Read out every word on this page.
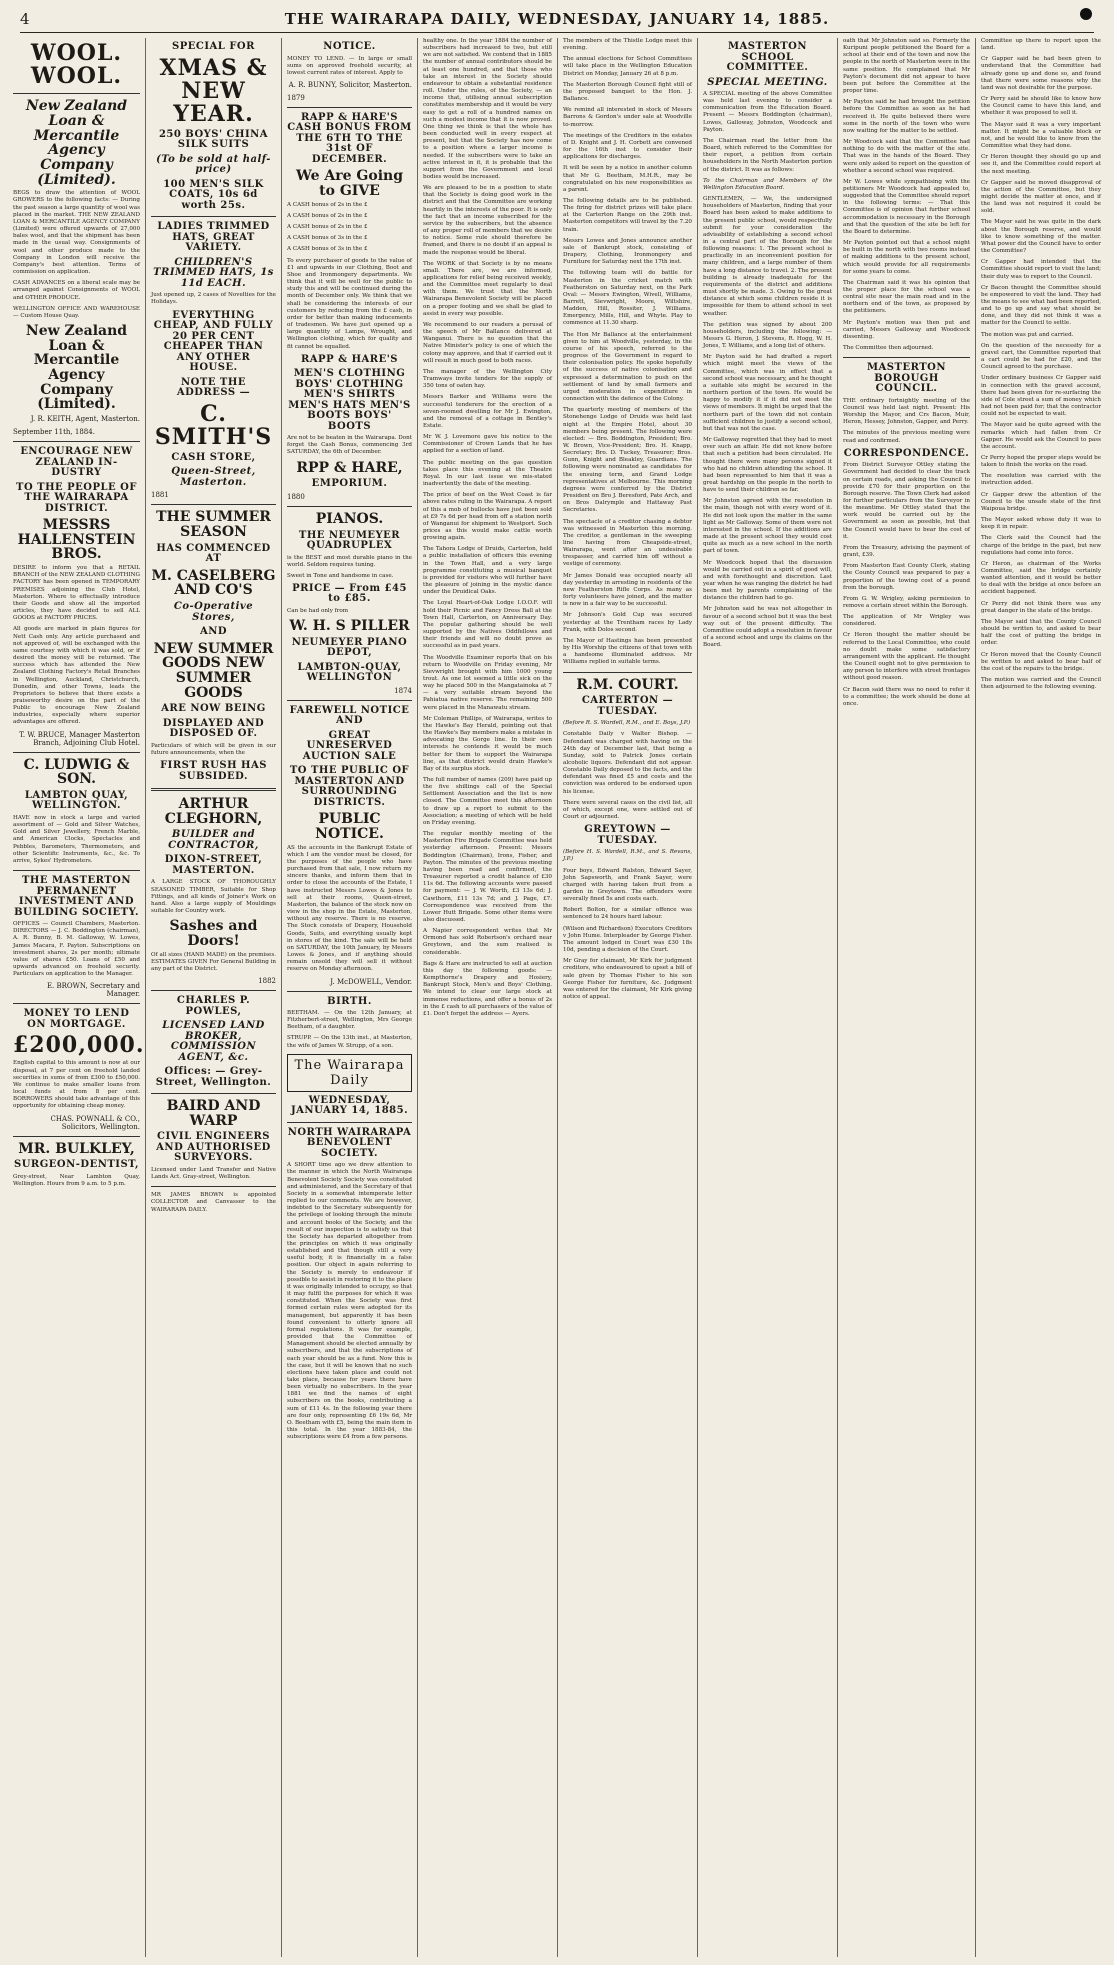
4	THE WAIRARAPA DAILY, WEDNESDAY, JANUARY 14, 1885.
WOOL. WOOL.
New Zealand Loan & Mercantile Agency Company (Limited).

BEGS to draw the attention of WOOL GROWERS to the following facts: — During the past season a large quantity of wool was placed in the market. THE NEW ZEALAND LOAN & MERCANTILE AGENCY COMPANY (Limited) were offered upwards of 27,000 bales wool, and that the shipment has been made in the usual way. Consignments of wool and other produce made to the Company in London will receive the Company's best attention. Terms of commission on application.

CASH ADVANCES on a liberal scale may be arranged against Consignments of WOOL and OTHER PRODUCE.

WELLINGTON OFFICE AND WAREHOUSE — Custom House Quay.

New Zealand Loan & Mercantile Agency Company (Limited).
J. R. KEITH, Agent, Masterton.
September 11th, 1884.
ENCOURAGE NEW ZEALAND IN-DUSTRY
TO THE PEOPLE OF THE WAIRARAPA DISTRICT.
MESSRS HALLENSTEIN BROS.

DESIRE to inform you that a RETAIL BRANCH of the NEW ZEALAND CLOTHING FACTORY has been opened in TEMPORARY PREMISES adjoining the Club Hotel, Masterton. Where to effectually introduce their Goods and show all the imported articles, they have decided to sell ALL GOODS at FACTORY PRICES.

All goods are marked in plain figures for Nett Cash only. Any article purchased and not approved of, will be exchanged with the same courtesy with which it was sold, or if desired the money will be returned. The success which has attended the New Zealand Clothing Factory's Retail Branches in Wellington, Auckland, Christchurch, Dunedin, and other Towns, leads the Proprietors to believe that there exists a praiseworthy desire on the part of the Public to encourage New Zealand industries, especially where superior advantages are offered.

T. W. BRUCE, Manager Masterton Branch, Adjoining Club Hotel.
C. LUDWIG & SON.
LAMBTON QUAY, WELLINGTON.

HAVE now in stock a large and varied assortment of — Gold and Silver Watches, Gold and Silver Jewellery, French Marble, and American Clocks, Spectacles and Pebbles, Barometers, Thermometers, and other Scientific Instruments, &c., &c. To arrive, Sykes' Hydrometers.

THE MASTERTON PERMANENT INVESTMENT AND BUILDING SOCIETY.

OFFICES — Council Chambers, Masterton. DIRECTORS — J. C. Boddington (chairman), A. R. Bunny, B. M. Galloway, W. Lowes, James Macara, F. Payton. Subscriptions on investment shares, 2s per month; ultimate value of shares £50. Loans of £50 and upwards advanced on freehold security. Particulars on application to the Manager.

E. BROWN, Secretary and Manager.
MONEY TO LEND ON MORTGAGE.
£200,000.

English capital to this amount is now at our disposal, at 7 per cent on freehold landed securities in sums of from £300 to £50,000. We continue to make smaller loans from local funds at from 8 per cent. BORROWERS should take advantage of this opportunity for obtaining cheap money.

CHAS. POWNALL & CO., Solicitors, Wellington.
MR. BULKLEY,
SURGEON-DENTIST,

Grey-street, Near Lambton Quay, Wellington. Hours from 9 a.m. to 5 p.m.

SPECIAL FOR
XMAS & NEW YEAR.
250 BOYS' CHINA SILK SUITS
(To be sold at half-price)
100 MEN'S SILK COATS, 10s 6d worth 25s.
LADIES TRIMMED HATS, GREAT VARIETY.
CHILDREN'S TRIMMED HATS, 1s 11d EACH.

Just opened up, 2 cases of Novelties for the Holidays.

EVERYTHING CHEAP, AND FULLY 20 PER CENT CHEAPER THAN ANY OTHER HOUSE.
NOTE THE ADDRESS —
C. SMITH'S
CASH STORE,
Queen-Street, Masterton.
1881
THE SUMMER SEASON
HAS COMMENCED AT
M. CASELBERG AND CO'S
Co-Operative Stores,
AND
NEW SUMMER GOODS NEW SUMMER GOODS
ARE NOW BEING
DISPLAYED AND DISPOSED OF.

Particulars of which will be given in our future announcements, when the

FIRST RUSH HAS SUBSIDED.
ARTHUR CLEGHORN,
BUILDER and CONTRACTOR,
DIXON-STREET, MASTERTON.

A LARGE STOCK OF THOROUGHLY SEASONED TIMBER, Suitable for Shop Fittings, and all kinds of Joiner's Work on hand. Also a large supply of Mouldings suitable for Country work.

Sashes and Doors!

Of all sizes (HAND MADE) on the premises. ESTIMATES GIVEN For General Building in any part of the District.

1882
CHARLES P. POWLES,
LICENSED LAND BROKER, COMMISSION AGENT, &c.
Offices: — Grey-Street, Wellington.
BAIRD AND WARP
CIVIL ENGINEERS AND AUTHORISED SURVEYORS.

Licensed under Land Transfer and Native Lands Act. Gray-street, Wellington.

MR JAMES BROWN is appointed COLLECTOR and Canvasser to the WAIRARAPA DAILY.

NOTICE.

MONEY TO LEND. — In large or small sums on approved freehold security, at lowest current rates of interest. Apply to

A. R. BUNNY, Solicitor, Masterton.
1879
RAPP & HARE'S CASH BONUS FROM THE 6TH TO THE 31st OF DECEMBER.
We Are Going to GIVE
A CASH bonus of 2s in the £
A CASH bonus of 2s in the £
A CASH bonus of 2s in the £
A CASH bonus of 3s in the £
A CASH bonus of 3s in the £

To every purchaser of goods to the value of £1 and upwards in our Clothing, Boot and Shoe and Ironmongery departments. We think that it will be well for the public to study this and will be continued during the month of December only. We think that we shall be considering the interests of our customers by reducing from the £ cash, in order for better than making inducements of tradesmen. We have just opened up a large quantity of Lamps, Wrought, and Wellington clothing, which for quality and fit cannot be equalled.

RAPP & HARE'S
MEN'S CLOTHING BOYS' CLOTHING MEN'S SHIRTS MEN'S HATS MEN'S BOOTS BOYS' BOOTS

Are not to be beaten in the Wairarapa. Dont forget the Cash Bonus, commencing 3rd SATURDAY, the 6th of December.

RPP & HARE,
EMPORIUM.
1880
PIANOS.
THE NEUMEYER QUADRUPLEX

is the BEST and most durable piano in the world. Seldom requires tuning.

Sweet in Tone and handsome in case.

PRICE — From £45 to £85.

Can be had only from

W. H. S PILLER
NEUMEYER PIANO DEPOT,
LAMBTON-QUAY, WELLINGTON
1874
FAREWELL NOTICE AND
GREAT UNRESERVED AUCTION SALE
TO THE PUBLIC OF MASTERTON AND SURROUNDING DISTRICTS.
PUBLIC NOTICE.

AS the accounts in the Bankrupt Estate of which I am the vendor must be closed, for the purposes of the people who have purchased from that sale, I now return my sincere thanks, and inform them that in order to close the accounts of the Estate, I have instructed Messrs Lowes & Jones to sell at their rooms, Queen-street, Masterton, the balance of the stock now on view in the shop in the Estate, Masterton, without any reserve. There is no reserve. The Stock consists of Drapery, Household Goods, Suits, and everything usually kept in stores of the kind. The sale will be held on SATURDAY, the 10th January, by Messrs Lowes & Jones, and if anything should remain unsold they will sell it without reserve on Monday afternoon.

J. McDOWELL, Vendor.
BIRTH.

BEETHAM. — On the 12th January, at Fitzherbert-street, Wellington, Mrs George Beetham, of a daughter.

STRUPP. — On the 13th inst., at Masterton, the wife of James W. Strupp, of a son.

The Wairarapa Daily
WEDNESDAY, JANUARY 14, 1885.
NORTH WAIRARAPA BENEVOLENT SOCIETY.

A SHORT time ago we drew attention to the manner in which the North Wairarapa Benevolent Society Society was constituted and administered, and the Secretary of that Society in a somewhat intemperate letter replied to our comments. We are however, indebted to the Secretary subsequently for the privilege of looking through the minute and account books of the Society, and the result of our inspection is to satisfy us that the Society has departed altogether from the principles on which it was originally established and that though still a very useful body, it is financially in a false position. Our object in again referring to the Society is merely to endeavour if possible to assist in restoring it to the place it was originally intended to occupy, so that it may fulfil the purposes for which it was constituted. When the Society was first formed certain rules were adopted for its management, but apparently it has been found convenient to utterly ignore all formal regulations. It was for example, provided that the Committee of Management should be elected annually by subscribers, and that the subscriptions of each year should be as a fund. Now this is the case, but it will be known that no such elections have taken place and could not take place, because for years there have been virtually no subscribers. In the year 1881 we find the names of eight subscribers on the books, contributing a sum of £11 4s. In the following year there are four only, representing £6 19s 6d, Mr O. Beetham with £5, being the main item in this total. In the year 1883-84, the subscriptions were £4 from a few persons.

healthy one. In the year 1884 the number of subscribers had increased to two, but still we are not satisfied. We contend that in 1885 the number of annual contributors should be at least one hundred, and that those who take an interest in the Society should endeavour to obtain a substantial residence roll. Under the rules, of the Society, — an income that, utilising annual subscription constitutes membership and it would be very easy to get a roll of a hundred names on such a modest income that it is now proved. One thing we think is that the whole has been conducted well in every respect at present, but that the Society has now come to a position where a larger income is needed. If the subscribers were to take an active interest in it, it is probable that the support from the Government and local bodies would be increased.

We are pleased to be in a position to state that the Society is doing good work in the district and that the Committee are working heartily in the interests of the poor. It is only the fact that an income subscribed for the service by the subscribers, but the absence of any proper roll of members that we desire to notice. Some rule should therefore be framed, and there is no doubt if an appeal is made the response would be liberal.

The WORK of that Society is by no means small. There are, we are informed, applications for relief being received weekly, and the Committee meet regularly to deal with them. We trust that the North Wairarapa Benevolent Society will be placed on a proper footing and we shall be glad to assist in every way possible.

We recommend to our readers a perusal of the speech of Mr Ballance delivered at Wanganui. There is no question that the Native Minister's policy is one of which the colony may approve, and that if carried out it will result in much good to both races.

The manager of the Wellington City Tramways invite tenders for the supply of 350 tons of oaten hay.

Messrs Barker and Williams were the successful tenderers for the erection of a seven-roomed dwelling for Mr J. Ewington, and the removal of a cottage in Bentley's Estate.

Mr W. J. Lovemore gave his notice to the Commissioner of Crown Lands that he has applied for a section of land.

The public meeting on the gas question takes place this evening at the Theatre Royal. In our last issue we mis-stated inadvertently the date of the meeting.

The price of beef on the West Coast is far above rates ruling in the Wairarapa. A report of this a mob of bullocks have just been sold at £9 7s 6d per head from off a station north of Wanganui for shipment to Westport. Such prices as this would make cattle worth growing again.

The Tahora Lodge of Druids, Carterton, held a public installation of officers this evening in the Town Hall, and a very large programme constituting a musical banquet is provided for visitors who will further have the pleasure of joining in the mystic dance under the Druidical Oaks.

The Loyal Heart-of-Oak Lodge I.O.O.F. will hold their Picnic and Fancy Dress Ball at the Town Hall, Carterton, on Anniversary Day. The popular gathering should be well supported by the Natives Oddfellows and their friends and will no doubt prove as successful as in past years.

The Woodville Examiner reports that on his return to Woodville on Friday evening, Mr Sievwright brought with him 1000 young trout. As one lot seemed a little sick on the way he placed 500 in the Mangatainoka at 7 — a very suitable stream beyond the Pahiatua native reserve. The remaining 500 were placed in the Manawatu stream.

Mr Coleman Phillips, of Wairarapa, writes to the Hawke's Bay Herald, pointing out that the Hawke's Bay members make a mistake in advocating the Gorge line. In their own interests he contends it would be much better for them to support the Wairarapa line, as that district would drain Hawke's Bay of its surplus stock.

The full number of names (209) have paid up the five shillings call of the Special Settlement Association and the list is now closed. The Committee meet this afternoon to draw up a report to submit to the Association; a meeting of which will be held on Friday evening.

The regular monthly meeting of the Masterton Fire Brigade Committee was held yesterday afternoon. Present: Messrs Boddington (Chairman), Irons, Fisher, and Payton. The minutes of the previous meeting having been read and confirmed, the Treasurer reported a credit balance of £30 11s 6d. The following accounts were passed for payment: — J. W. Worth, £3 13s 6d; J. Cawthorn, £11 13s 7d; and J. Page, £7. Correspondence was received from the Lower Hutt Brigade. Some other items were also discussed.

A Napier correspondent writes that Mr Ormond has sold Robertson's orchard near Greytown, and the sum realised is considerable.

Bags & Hare are instructed to sell at auction this day the following goods: — Kempthorne's Drapery and Hosiery, Bankrupt Stock, Men's and Boys' Clothing. We intend to clear our large stock at immense reductions, and offer a bonus of 2s in the £ cash to all purchasers of the value of £1. Don't forget the address — Ayers.

The members of the Thistle Lodge meet this evening.

The annual elections for School Committees will take place in the Wellington Education District on Monday, January 26 at 8 p.m.

The Masterton Borough Council fight still of the proposed banquet to the Hon. J. Ballance.

We remind all interested in stock of Messrs Barrons & Gordon's under sale at Woodville to-morrow.

The meetings of the Creditors in the estates of D. Knight and J. H. Corbett are convened for the 16th inst to consider their applications for discharges.

It will be seen by a notice in another column that Mr G. Beetham, M.H.R., may be congratulated on his new responsibilities as a parent.

The following details are to be published. The firing for district prizes will take place at the Carterton Range on the 29th inst. Masterton competitors will travel by the 7.20 train.

Messrs Lowes and Jones announce another sale of Bankrupt stock, consisting of Drapery, Clothing, Ironmongery and Furniture for Saturday next the 17th inst.

The following team will do battle for Masterton in the cricket match with Featherston on Saturday next, on the Park Oval: — Messrs Ewington, Wivell, Williams, Barrett, Sievwright, Moore, Wiltshire, Madden, Hill, Rossiter, J. Williams. Emergency, Mills, Hill, and Whyte. Play to commence at 11.30 sharp.

The Hon Mr Ballance at the entertainment given to him at Woodville, yesterday, in the course of his speech, referred to the progress of the Government in regard to their colonisation policy. He spoke hopefully of the success of native colonisation and expressed a determination to push on the settlement of land by small farmers and urged moderation in expenditure in connection with the defence of the Colony.

The quarterly meeting of members of the Stonehenge Lodge of Druids was held last night at the Empire Hotel, about 30 members being present. The following were elected: — Bro. Boddington, President; Bro. W. Brown, Vice-President; Bro. H. Knapp, Secretary; Bro. D. Tuckey, Treasurer; Bros. Gunn, Knight and Bleakley, Guardians. The following were nominated as candidates for the ensuing term, and Grand Lodge representatives at Melbourne. This morning degrees were conferred by the District President on Bro J. Beresford, Pate Arch, and on Bros Dalrymple and Hattaway Past Secretaries.

The spectacle of a creditor chasing a debtor was witnessed in Masterton this morning. The creditor, a gentleman in the sweeping line having from Cheapside-street, Wairarapa, went after an undesirable trespasser, and carried him off without a vestige of ceremony.

Mr James Donald was occupied nearly all day yesterday in arresting in residents of the new Featherston Rifle Corps. As many as forty volunteers have joined, and the matter is now in a fair way to be successful.

Mr Johnson's Gold Cup was secured yesterday at the Trentham races by Lady Frank, with Dolos second.

The Mayor of Hastings has been presented by His Worship the citizens of that town with a handsome illuminated address. Mr Williams replied in suitable terms.

R.M. COURT.
CARTERTON — TUESDAY.

(Before R. S. Wardell, R.M., and E. Boys, J.P.)

Constable Daily v Walter Bishop. — Defendant was charged with having on the 24th day of December last, that being a Sunday, sold to Patrick Jones certain alcoholic liquors. Defendant did not appear. Constable Daily deposed to the facts, and the defendant was fined £5 and costs and the conviction was ordered to be endorsed upon his license.

There were several cases on the civil list, all of which, except one, were settled out of Court or adjourned.

GREYTOWN — TUESDAY.

(Before H. S. Wardell, R.M., and S. Revans, J.P.)

Four boys, Edward Ralston, Edward Sayer, John Sapsworth, and Frank Sayer, were charged with having taken fruit from a garden in Greytown. The offenders were severally fined 5s and costs each.

Robert Bolton, for a similar offence was sentenced to 24 hours hard labour.

(Wilson and Richardson) Executors Creditors v John Hume. Interpleader by George Fisher. The amount lodged in Court was £30 18s 10d, pending a decision of the Court.

Mr Gray for claimant, Mr Kirk for judgment creditors, who endeavoured to upset a bill of sale given by Thomas Fisher to his son George Fisher for furniture, &c. Judgment was entered for the claimant, Mr Kirk giving notice of appeal.

MASTERTON SCHOOL COMMITTEE.
SPECIAL MEETING.

A SPECIAL meeting of the above Committee was held last evening to consider a communication from the Education Board. Present — Messrs Boddington (chairman), Lowes, Galloway, Johnston, Woodcock and Payton.

The Chairman read the letter from the Board, which referred to the Committee for their report, a petition from certain householders in the North Masterton portion of the district. It was as follows:

To the Chairman and Members of the Wellington Education Board.

GENTLEMEN, — We, the undersigned householders of Masterton, finding that your Board has been asked to make additions to the present public school, would respectfully submit for your consideration the advisability of establishing a second school in a central part of the Borough for the following reasons: 1. The present school is practically in an inconvenient position for many children, and a large number of them have a long distance to travel. 2. The present building is already inadequate for the requirements of the district and additions must shortly be made. 3. Owing to the great distance at which some children reside it is impossible for them to attend school in wet weather.

The petition was signed by about 200 householders, including the following: — Messrs G. Heron, J. Stevens, R. Hogg, W. H. Jones, T. Williams, and a long list of others.

Mr Payton said he had drafted a report which might meet the views of the Committee, which was in effect that a second school was necessary, and he thought a suitable site might be secured in the northern portion of the town. He would be happy to modify it if it did not meet the views of members. It might be urged that the northern part of the town did not contain sufficient children to justify a second school, but that was not the case.

Mr Galloway regretted that they had to meet over such an affair. He did not know before that such a petition had been circulated. He thought there were many persons signed it who had no children attending the school. It had been represented to him that it was a great hardship on the people in the north to have to send their children so far.

Mr Johnston agreed with the resolution in the main, though not with every word of it. He did not look upon the matter in the same light as Mr Galloway. Some of them were not interested in the school. If the additions are made at the present school they would cost quite as much as a new school in the north part of town.

Mr Woodcock hoped that the discussion would be carried out in a spirit of good will, and with forethought and discretion. Last year when he was ranging the district he had been met by parents complaining of the distance the children had to go.

Mr Johnston said he was not altogether in favour of a second school but it was the best way out of the present difficulty. The Committee could adopt a resolution in favour of a second school and urge its claims on the Board.

oath that Mr Johnston said so. Formerly the Kuripuni people petitioned the Board for a school at their end of the town and now the people in the north of Masterton were in the same position. He complained that Mr Payton's document did not appear to have been put before the Committee at the proper time.

Mr Payton said he had brought the petition before the Committee as soon as he had received it. He quite believed there were some in the north of the town who were now waiting for the matter to be settled.

Mr Woodcock said that the Committee had nothing to do with the matter of the site. That was in the hands of the Board. They were only asked to report on the question of whether a second school was required.

Mr W. Lowes while sympathising with the petitioners Mr Woodcock had appealed to, suggested that the Committee should report in the following terms: — That this Committee is of opinion that further school accommodation is necessary in the Borough and that the question of the site be left for the Board to determine.

Mr Payton pointed out that a school might be built in the north with two rooms instead of making additions to the present school, which would provide for all requirements for some years to come.

The Chairman said it was his opinion that the proper place for the school was a central site near the main road and in the northern end of the town, as proposed by the petitioners.

Mr Payton's motion was then put and carried, Messrs Galloway and Woodcock dissenting.

The Committee then adjourned.

MASTERTON BOROUGH COUNCIL.

THE ordinary fortnightly meeting of the Council was held last night. Present: His Worship the Mayor, and Crs Bacon, Muir, Heron, Hessey, Johnston, Gapper, and Perry.

The minutes of the previous meeting were read and confirmed.

CORRESPONDENCE.

From District Surveyor Ottley stating the Government had decided to clear the track on certain roads, and asking the Council to provide £70 for their proportion on the Borough reserve. The Town Clerk had asked for further particulars from the Surveyor in the meantime. Mr Ottley stated that the work would be carried out by the Government as soon as possible, but that the Council would have to bear the cost of it.

From the Treasury, advising the payment of grant, £39.

From Masterton East County Clerk, stating the County Council was prepared to pay a proportion of the towing cost of a pound from the borough.

From G. W. Wrigley, asking permission to remove a certain street within the Borough.

The application of Mr Wrigley was considered.

Cr Heron thought the matter should be referred to the Local Committee, who could no doubt make some satisfactory arrangement with the applicant. He thought the Council ought not to give permission to any person to interfere with street frontages without good reason.

Cr Bacon said there was no need to refer it to a committee; the work should be done at once.

Committee up there to report upon the land.

Cr Gapper said he had been given to understand that the Committee had already gone up and done so, and found that there were some reasons why the land was not desirable for the purpose.

Cr Perry said he should like to know how the Council came to have this land, and whether it was proposed to sell it.

The Mayor said it was a very important matter. It might be a valuable block or not, and he would like to know from the Committee what they had done.

Cr Heron thought they should go up and see it, and the Committee could report at the next meeting.

Cr Gapper said he moved disapproval of the action of the Committee, but they might decide the matter at once, and if the land was not required it could be sold.

The Mayor said he was quite in the dark about the Borough reserve, and would like to know something of the matter. What power did the Council have to order the Committee?

Cr Gapper had intended that the Committee should report to visit the land; their duty was to report to the Council.

Cr Bacon thought the Committee should be empowered to visit the land. They had the means to see what had been reported, and to go up and say what should be done, and they did not think it was a matter for the Council to settle.

The motion was put and carried.

On the question of the necessity for a gravel cart, the Committee reported that a cart could be had for £20, and the Council agreed to the purchase.

Under ordinary business Cr Gapper said in connection with the gravel account, there had been given for re-surfacing the side of Cole street a sum of money which had not been paid for; that the contractor could not be expected to wait.

The Mayor said he quite agreed with the remarks which had fallen from Cr Gapper. He would ask the Council to pass the account.

Cr Perry hoped the proper steps would be taken to finish the works on the road.

The resolution was carried with the instruction added.

Cr Gapper drew the attention of the Council to the unsafe state of the first Waipoua bridge.

The Mayor asked whose duty it was to keep it in repair.

The Clerk said the Council had the charge of the bridge in the past, but new regulations had come into force.

Cr Heron, as chairman of the Works Committee, said the bridge certainly wanted attention, and it would be better to deal with the bridge at once before an accident happened.

Cr Perry did not think there was any great danger in the state of the bridge.

The Mayor said that the County Council should be written to, and asked to bear half the cost of putting the bridge in order.

Cr Heron moved that the County Council be written to and asked to bear half of the cost of the repairs to the bridge.

The motion was carried and the Council then adjourned to the following evening.
